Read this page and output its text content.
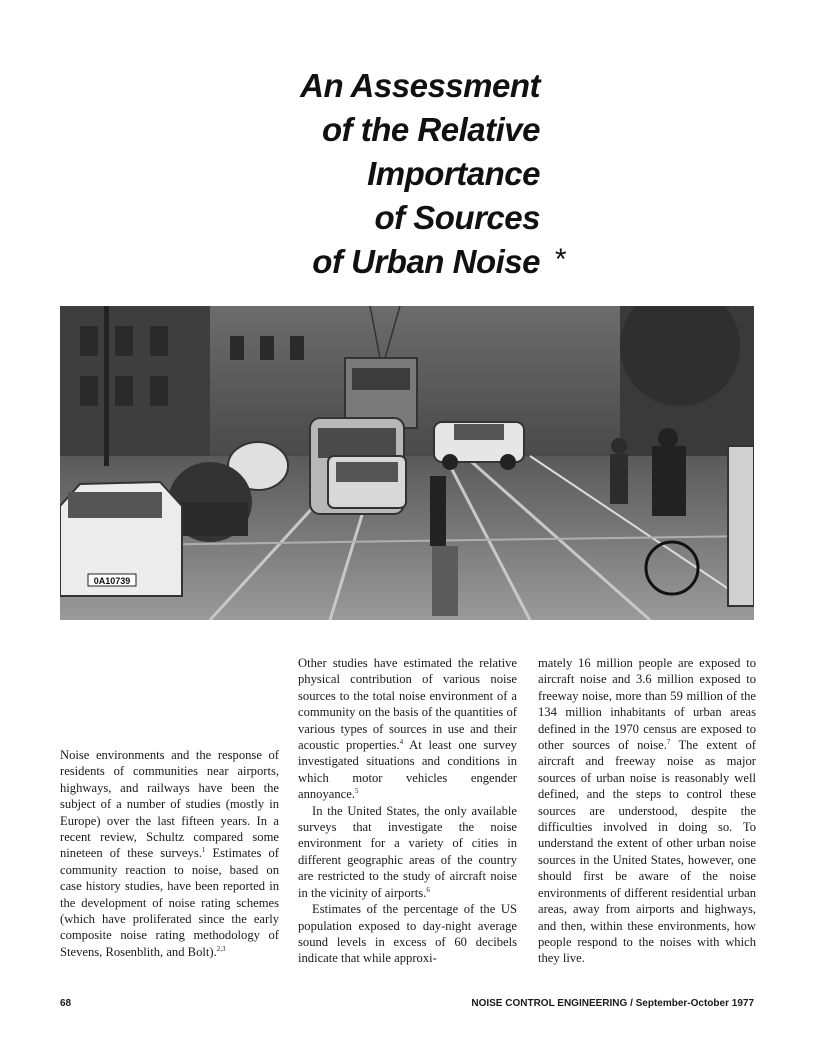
An Assessment
of the Relative
Importance
of Sources
of Urban Noise *
0A10739

Noise environments and the response of residents of communities near airports, highways, and railways have been the subject of a number of studies (mostly in Europe) over the last fifteen years. In a recent review, Schultz compared some nineteen of these surveys.$^1$ Estimates of community reaction to noise, based on case history studies, have been reported in the development of noise rating schemes (which have proliferated since the early composite noise rating methodology of Stevens, Rosenblith, and Bolt).$^{2,3}$

Other studies have estimated the relative physical contribution of various noise sources to the total noise environment of a community on the basis of the quantities of various types of sources in use and their acoustic properties.$^4$ At least one survey investigated situations and conditions in which motor vehicles engender annoyance.$^5$

In the United States, the only available surveys that investigate the noise environment for a variety of cities in different geographic areas of the country are restricted to the study of aircraft noise in the vicinity of airports.$^6$

Estimates of the percentage of the US population exposed to day-night average sound levels in excess of 60 decibels indicate that while approxi-

mately 16 million people are exposed to aircraft noise and 3.6 million exposed to freeway noise, more than 59 million of the 134 million inhabitants of urban areas defined in the 1970 census are exposed to other sources of noise.$^7$ The extent of aircraft and freeway noise as major sources of urban noise is reasonably well defined, and the steps to control these sources are understood, despite the difficulties involved in doing so. To understand the extent of other urban noise sources in the United States, however, one should first be aware of the noise environments of different residential urban areas, away from airports and highways, and then, within these environments, how people respond to the noises with which they live.

68	NOISE CONTROL ENGINEERING / September-October 1977
